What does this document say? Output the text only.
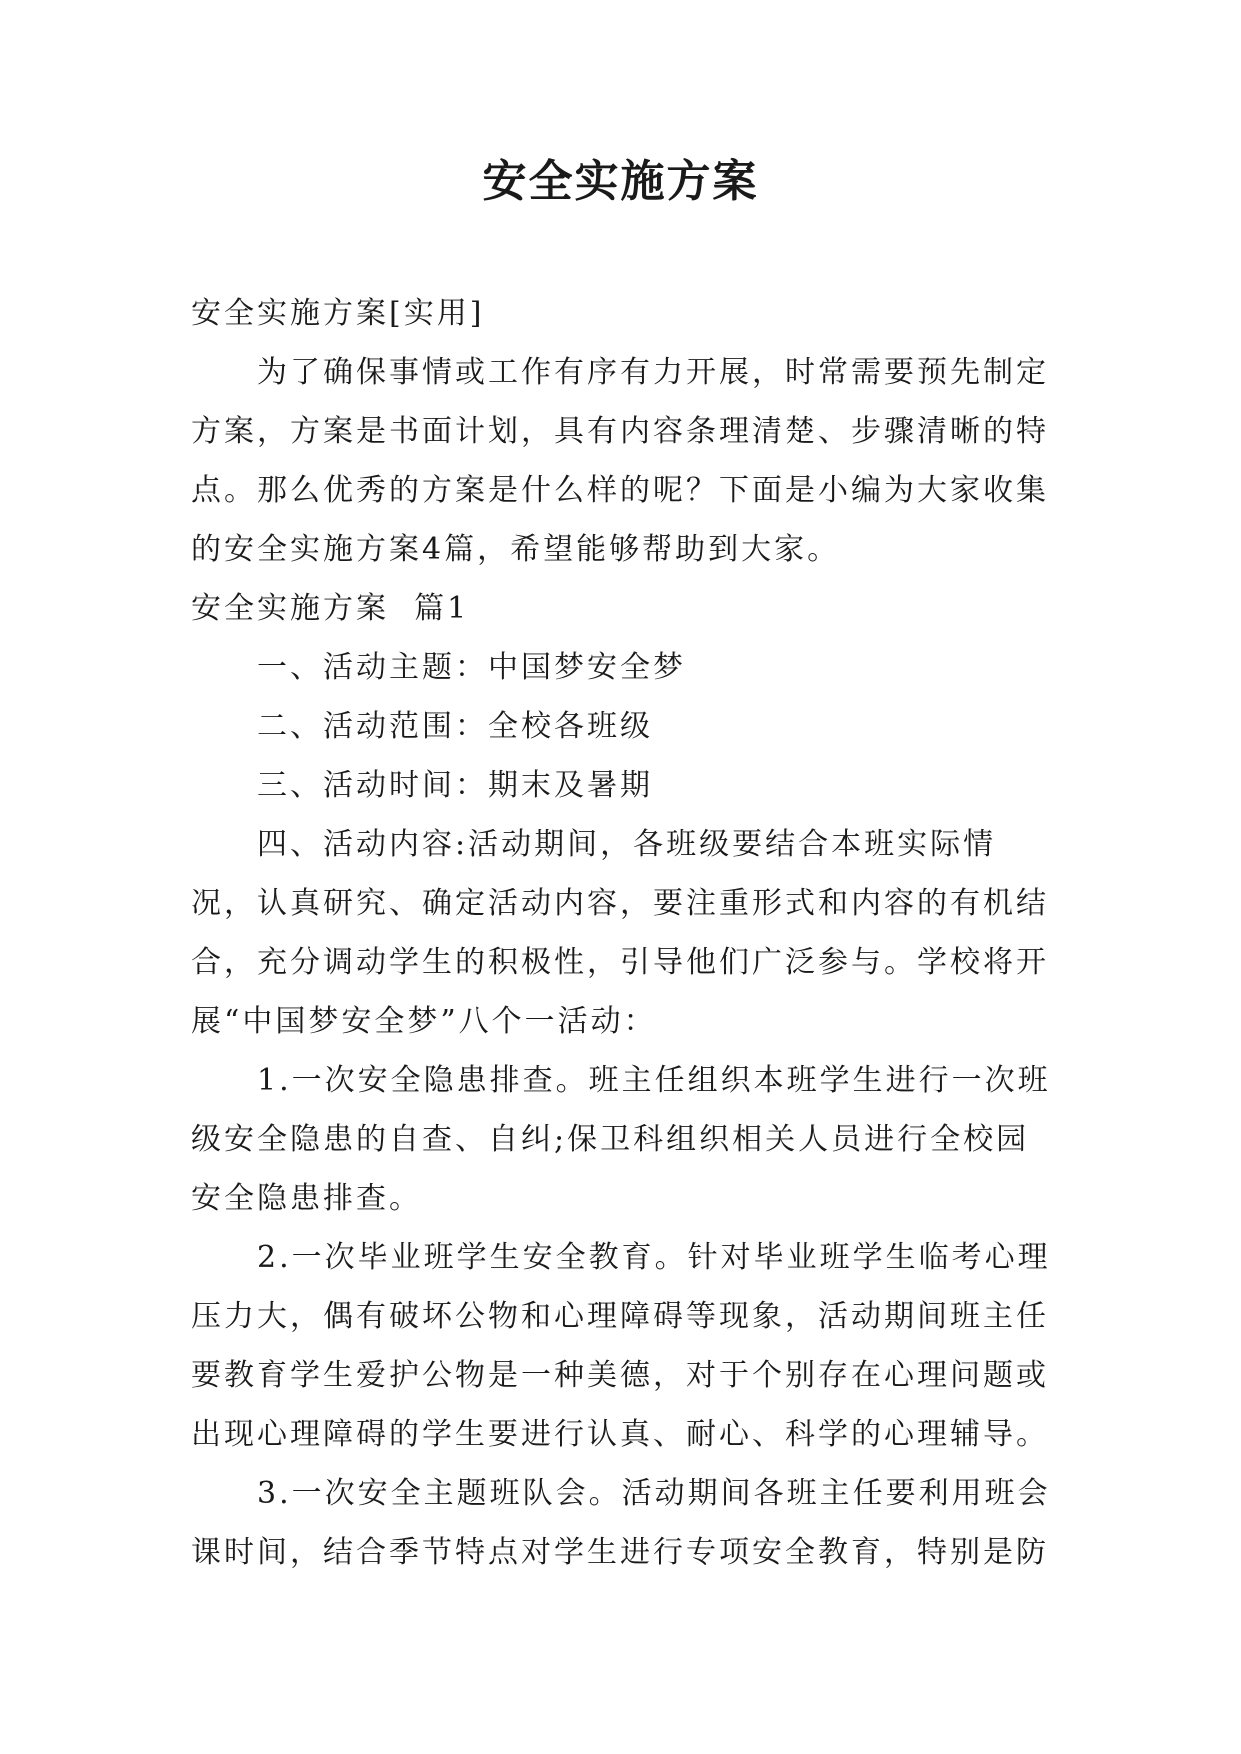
安全实施方案

安全实施方案[实用]

为了确保事情或工作有序有力开展，时常需要预先制定方案，方案是书面计划，具有内容条理清楚、步骤清晰的特点。那么优秀的方案是什么样的呢？下面是小编为大家收集的安全实施方案4篇，希望能够帮助到大家。

安全实施方案  篇1

一、活动主题：中国梦安全梦

二、活动范围：全校各班级

三、活动时间：期末及暑期

四、活动内容:活动期间，各班级要结合本班实际情况，认真研究、确定活动内容，要注重形式和内容的有机结合，充分调动学生的积极性，引导他们广泛参与。学校将开展“中国梦安全梦”八个一活动：

1.一次安全隐患排查。班主任组织本班学生进行一次班级安全隐患的自查、自纠;保卫科组织相关人员进行全校园安全隐患排查。

2.一次毕业班学生安全教育。针对毕业班学生临考心理压力大，偶有破坏公物和心理障碍等现象，活动期间班主任要教育学生爱护公物是一种美德，对于个别存在心理问题或出现心理障碍的学生要进行认真、耐心、科学的心理辅导。

3.一次安全主题班队会。活动期间各班主任要利用班会课时间，结合季节特点对学生进行专项安全教育，特别是防
